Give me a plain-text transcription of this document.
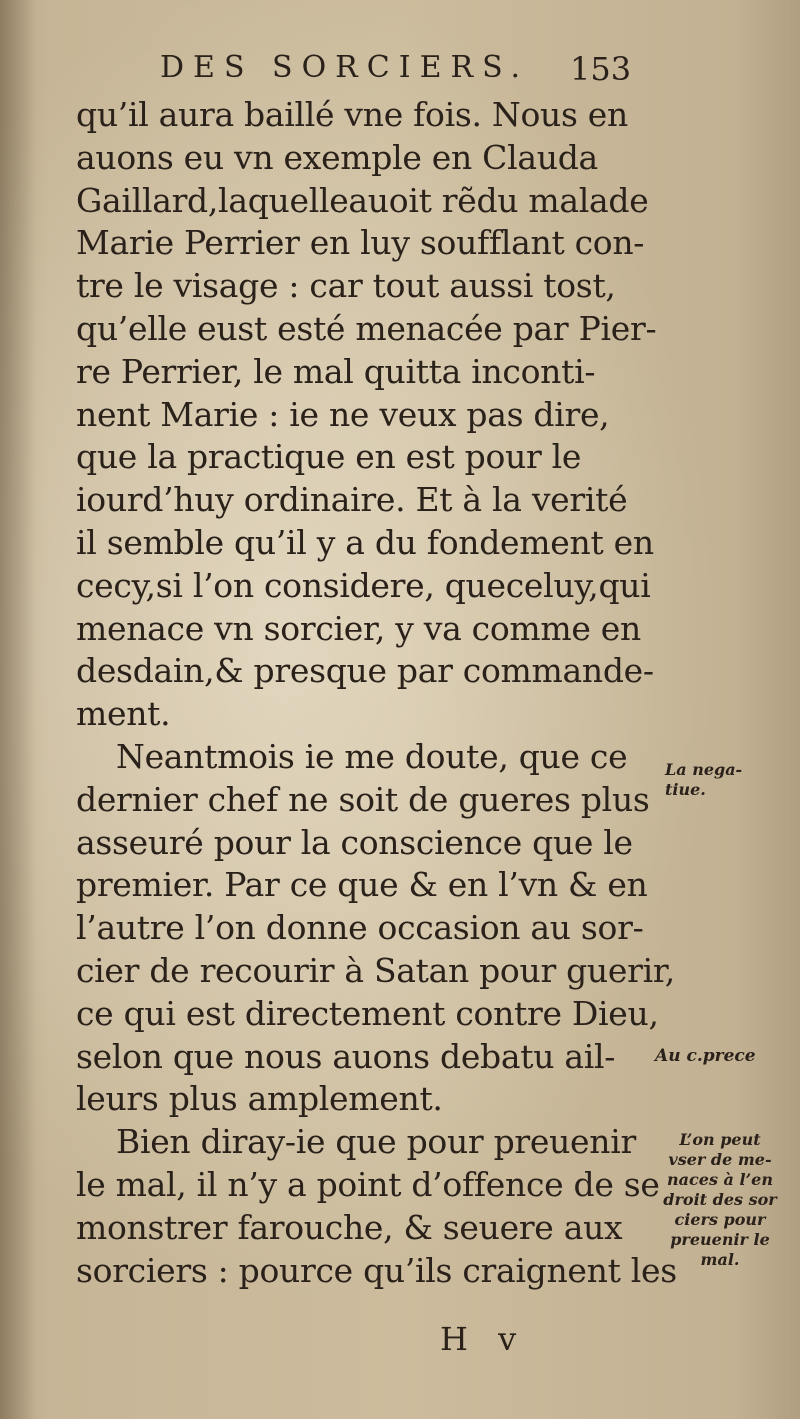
DES SORCIERS. 153
qu’il aura baillé vne fois. Nous en
auons eu vn exemple en Clauda
Gaillard,laquelleauoit rẽdu malade
Marie Perrier en luy soufflant con-
tre le visage : car tout aussi tost,
qu’elle eust esté menacée par Pier-
re Perrier, le mal quitta inconti-
nent Marie : ie ne veux pas dire,
que la practique en est pour le
iourd’huy ordinaire. Et à la verité
il semble qu’il y a du fondement en
cecy,si l’on considere, queceluy,qui
menace vn sorcier, y va comme en
desdain,& presque par commande-
ment.
Neantmois ie me doute, que ce
dernier chef ne soit de gueres plus
asseuré pour la conscience que le
premier. Par ce que & en l’vn & en
l’autre l’on donne occasion au sor-
cier de recourir à Satan pour guerir,
ce qui est directement contre Dieu,
selon que nous auons debatu ail-
leurs plus amplement.
Bien diray-ie que pour preuenir
le mal, il n’y a point d’offence de se
monstrer farouche, & seuere aux
sorciers : pource qu’ils craignent les
La nega-
tiue.
Au c.prece
L’on peut
vser de me-
naces à l’en
droit des sor
ciers pour
preuenir le
mal.
H v
